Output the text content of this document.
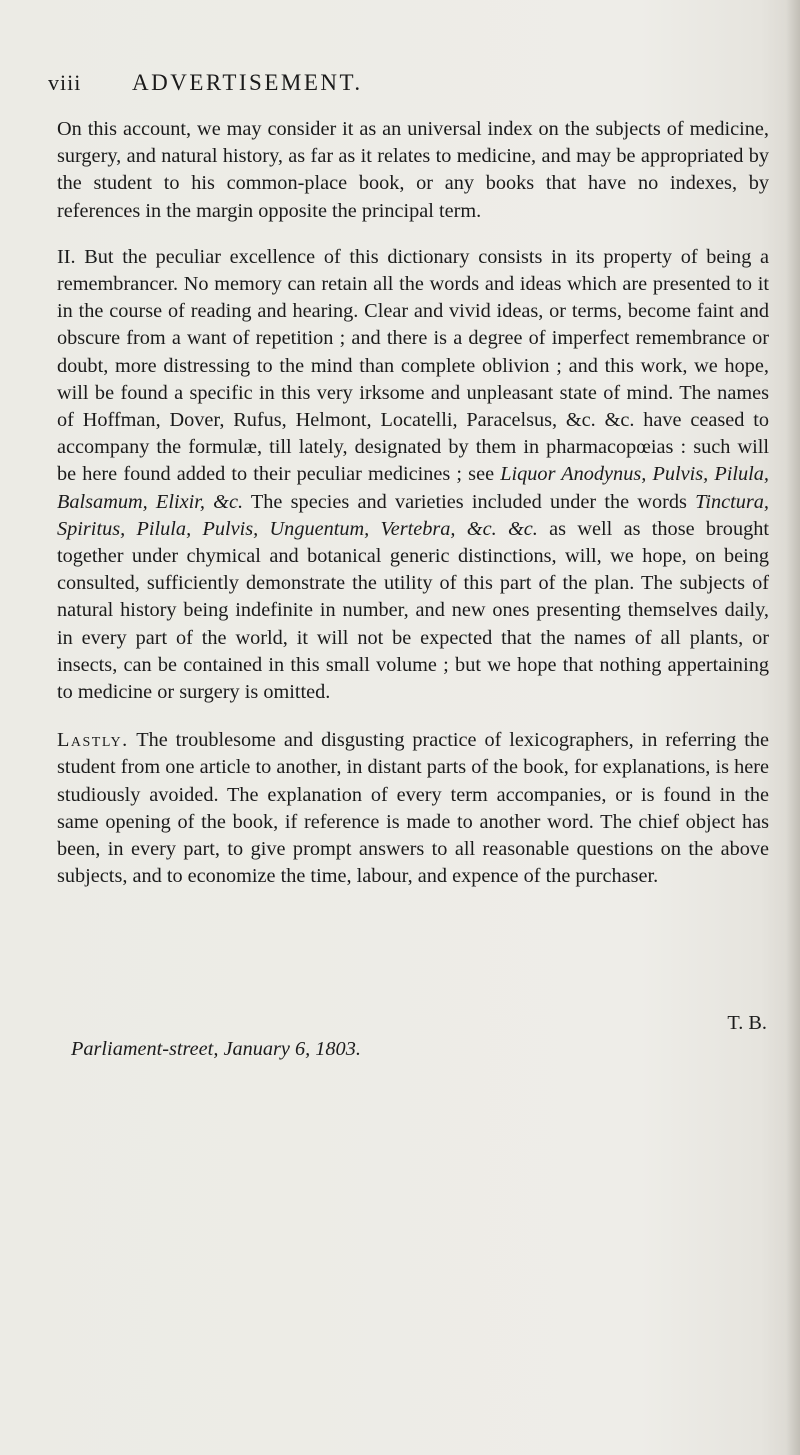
viii ADVERTISEMENT.

On this account, we may consider it as an universal index on the subjects of medicine, surgery, and natural history, as far as it relates to medicine, and may be appropriated by the student to his common-place book, or any books that have no indexes, by references in the margin opposite the principal term.

II. But the peculiar excellence of this dictionary consists in its property of being a remembrancer. No memory can retain all the words and ideas which are presented to it in the course of reading and hearing. Clear and vivid ideas, or terms, become faint and obscure from a want of repetition ; and there is a degree of imperfect remembrance or doubt, more distressing to the mind than complete oblivion ; and this work, we hope, will be found a specific in this very irksome and unpleasant state of mind. The names of Hoffman, Dover, Rufus, Helmont, Locatelli, Paracelsus, &c. &c. have ceased to accompany the formulæ, till lately, designated by them in pharmacopœias : such will be here found added to their peculiar medicines ; see Liquor Anodynus, Pulvis, Pilula, Balsamum, Elixir, &c. The species and varieties included under the words Tinctura, Spiritus, Pilula, Pulvis, Unguentum, Vertebra, &c. &c. as well as those brought together under chymical and botanical generic distinctions, will, we hope, on being consulted, sufficiently demonstrate the utility of this part of the plan. The subjects of natural history being indefinite in number, and new ones presenting themselves daily, in every part of the world, it will not be expected that the names of all plants, or insects, can be contained in this small volume ; but we hope that nothing appertaining to medicine or surgery is omitted.

Lastly. The troublesome and disgusting practice of lexicographers, in referring the student from one article to another, in distant parts of the book, for explanations, is here studiously avoided. The explanation of every term accompanies, or is found in the same opening of the book, if reference is made to another word. The chief object has been, in every part, to give prompt answers to all reasonable questions on the above subjects, and to economize the time, labour, and expence of the purchaser.

T. B.
Parliament-street, January 6, 1803.
